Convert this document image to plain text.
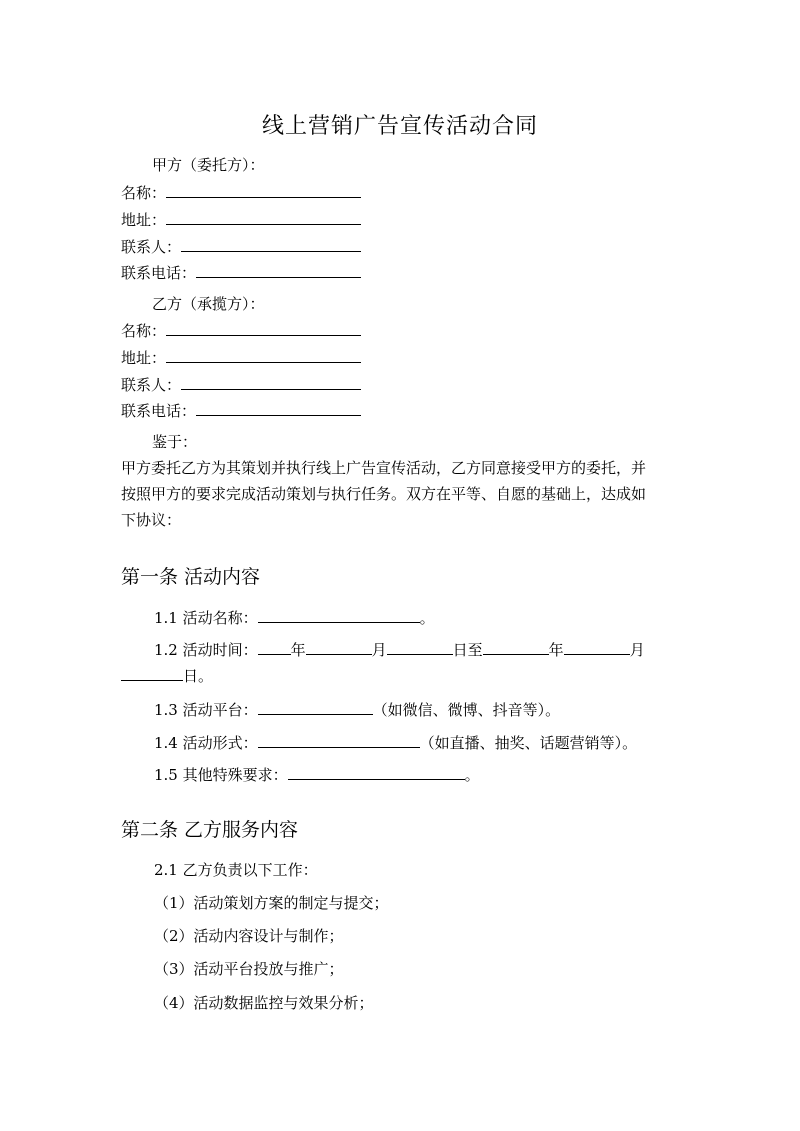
线上营销广告宣传活动合同
甲方（委托方）：
名称：
地址：
联系人：
联系电话：
乙方（承揽方）：
名称：
地址：
联系人：
联系电话：
鉴于：
甲方委托乙方为其策划并执行线上广告宣传活动，乙方同意接受甲方的委托，并
按照甲方的要求完成活动策划与执行任务。双方在平等、自愿的基础上，达成如
下协议：
第一条 活动内容
1.1 活动名称：	。
1.2 活动时间： 年	月	日至	年	月
日。
1.3 活动平台：	（如微信、微博、抖音等）。
1.4 活动形式：	（如直播、抽奖、话题营销等）。
1.5 其他特殊要求：	。
第二条 乙方服务内容
2.1 乙方负责以下工作：
（1）活动策划方案的制定与提交；
（2）活动内容设计与制作；
（3）活动平台投放与推广；
（4）活动数据监控与效果分析；
